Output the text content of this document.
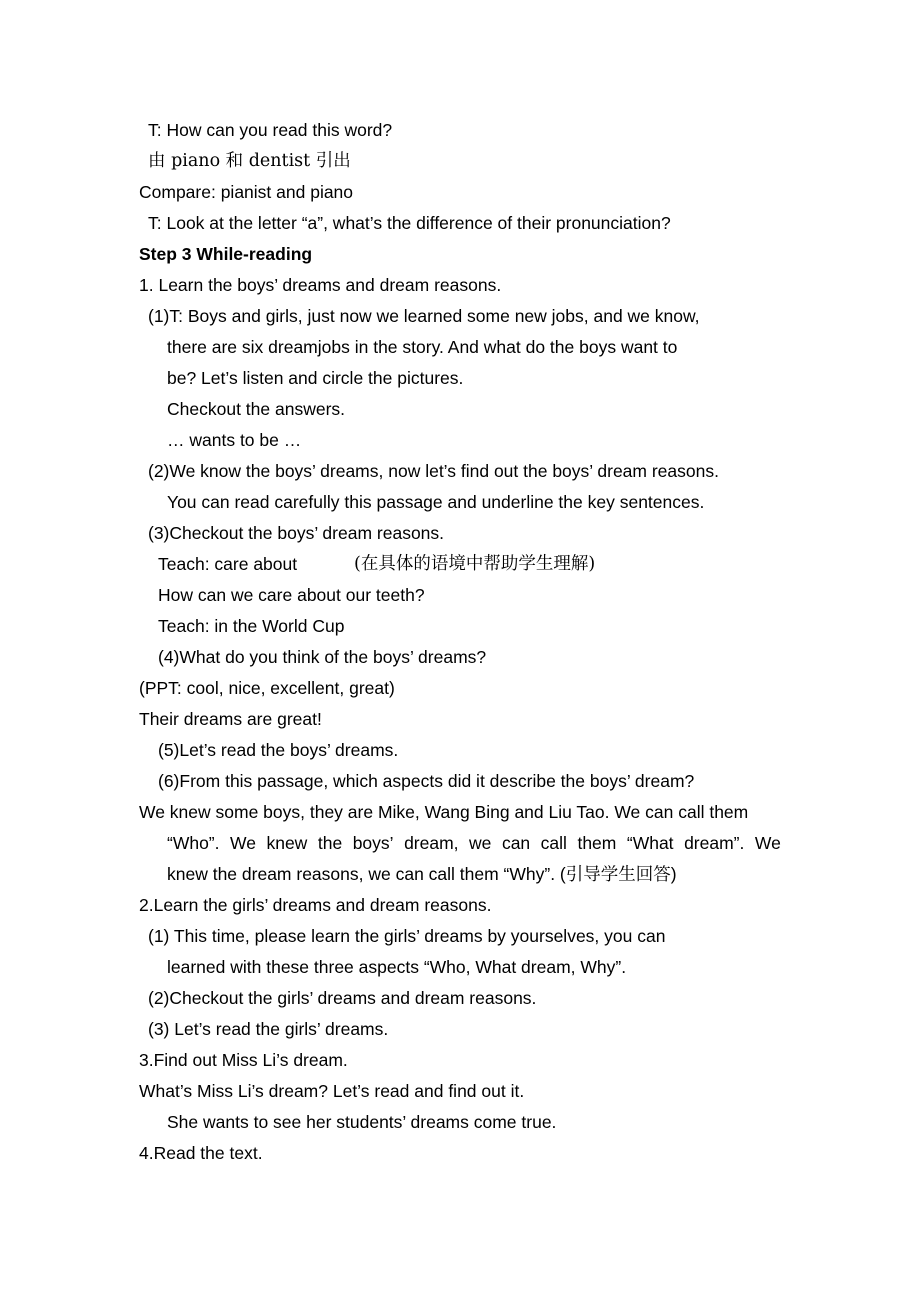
T: How can you read this word?
由 piano 和 dentist 引出
Compare: pianist and piano
T: Look at the letter “a”, what’s the difference of their pronunciation?
Step 3 While-reading
1. Learn the boys’ dreams and dream reasons.
(1)T: Boys and girls, just now we learned some new jobs, and we know,
there are six dreamjobs in the story. And what do the boys want to
be? Let’s listen and circle the pictures.
Checkout the answers.
… wants to be …
(2)We know the boys’ dreams, now let’s find out the boys’ dream reasons.
You can read carefully this passage and underline the key sentences.
(3)Checkout the boys’ dream reasons.
Teach: care about	(在具体的语境中帮助学生理解)
How can we care about our teeth?
Teach: in the World Cup
(4)What do you think of the boys’ dreams?
(PPT: cool, nice, excellent, great)
Their dreams are great!
(5)Let’s read the boys’ dreams.
(6)From this passage, which aspects did it describe the boys’ dream?
We knew some boys, they are Mike, Wang Bing and Liu Tao. We can call them
“Who”. We knew the boys’ dream, we can call them “What dream”. We
knew the dream reasons, we can call them “Why”. (引导学生回答)
2.Learn the girls’ dreams and dream reasons.
(1) This time, please learn the girls’ dreams by yourselves, you can
learned with these three aspects “Who, What dream, Why”.
(2)Checkout the girls’ dreams and dream reasons.
(3) Let’s read the girls’ dreams.
3.Find out Miss Li’s dream.
What’s Miss Li’s dream? Let’s read and find out it.
She wants to see her students’ dreams come true.
4.Read the text.
